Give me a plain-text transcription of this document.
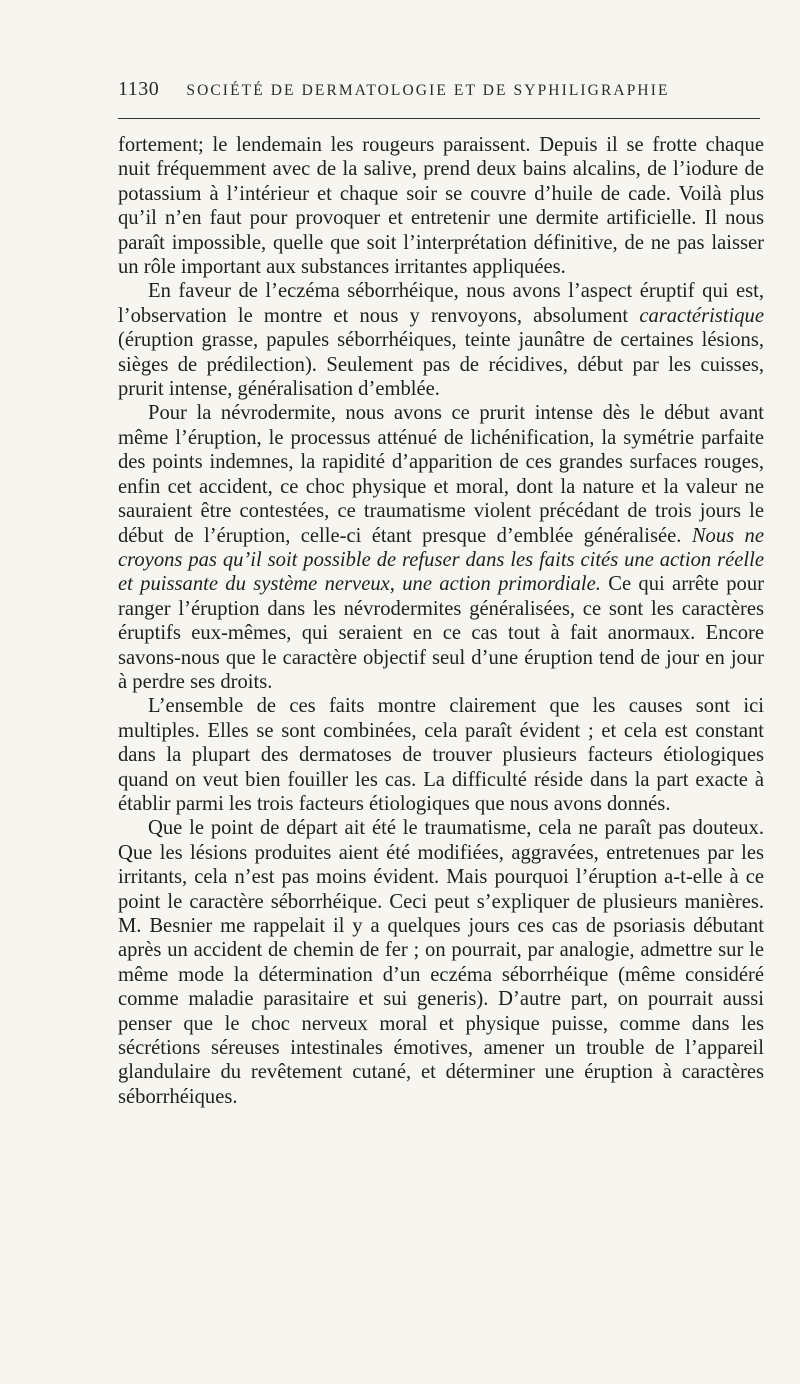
1130 SOCIÉTÉ DE DERMATOLOGIE ET DE SYPHILIGRAPHIE

fortement; le lendemain les rougeurs paraissent. Depuis il se frotte chaque nuit fréquemment avec de la salive, prend deux bains alcalins, de l’iodure de potassium à l’intérieur et chaque soir se couvre d’huile de cade. Voilà plus qu’il n’en faut pour provoquer et entretenir une dermite artificielle. Il nous paraît impossible, quelle que soit l’interprétation définitive, de ne pas laisser un rôle important aux substances irritantes appliquées.

En faveur de l’eczéma séborrhéique, nous avons l’aspect éruptif qui est, l’observation le montre et nous y renvoyons, absolument caractéristique (éruption grasse, papules séborrhéiques, teinte jaunâtre de certaines lésions, sièges de prédilection). Seulement pas de récidives, début par les cuisses, prurit intense, généralisation d’emblée.

Pour la névrodermite, nous avons ce prurit intense dès le début avant même l’éruption, le processus atténué de lichénification, la symétrie parfaite des points indemnes, la rapidité d’apparition de ces grandes surfaces rouges, enfin cet accident, ce choc physique et moral, dont la nature et la valeur ne sauraient être contestées, ce traumatisme violent précédant de trois jours le début de l’éruption, celle-ci étant presque d’emblée généralisée. Nous ne croyons pas qu’il soit possible de refuser dans les faits cités une action réelle et puissante du système nerveux, une action primordiale. Ce qui arrête pour ranger l’éruption dans les névrodermites généralisées, ce sont les caractères éruptifs eux-mêmes, qui seraient en ce cas tout à fait anormaux. Encore savons-nous que le caractère objectif seul d’une éruption tend de jour en jour à perdre ses droits.

L’ensemble de ces faits montre clairement que les causes sont ici multiples. Elles se sont combinées, cela paraît évident ; et cela est constant dans la plupart des dermatoses de trouver plusieurs facteurs étiologiques quand on veut bien fouiller les cas. La difficulté réside dans la part exacte à établir parmi les trois facteurs étiologiques que nous avons donnés.

Que le point de départ ait été le traumatisme, cela ne paraît pas douteux. Que les lésions produites aient été modifiées, aggravées, entretenues par les irritants, cela n’est pas moins évident. Mais pourquoi l’éruption a-t-elle à ce point le caractère séborrhéique. Ceci peut s’expliquer de plusieurs manières. M. Besnier me rappelait il y a quelques jours ces cas de psoriasis débutant après un accident de chemin de fer ; on pourrait, par analogie, admettre sur le même mode la détermination d’un eczéma séborrhéique (même considéré comme maladie parasitaire et sui generis). D’autre part, on pourrait aussi penser que le choc nerveux moral et physique puisse, comme dans les sécrétions séreuses intestinales émotives, amener un trouble de l’appareil glandulaire du revêtement cutané, et déterminer une éruption à caractères séborrhéiques.
